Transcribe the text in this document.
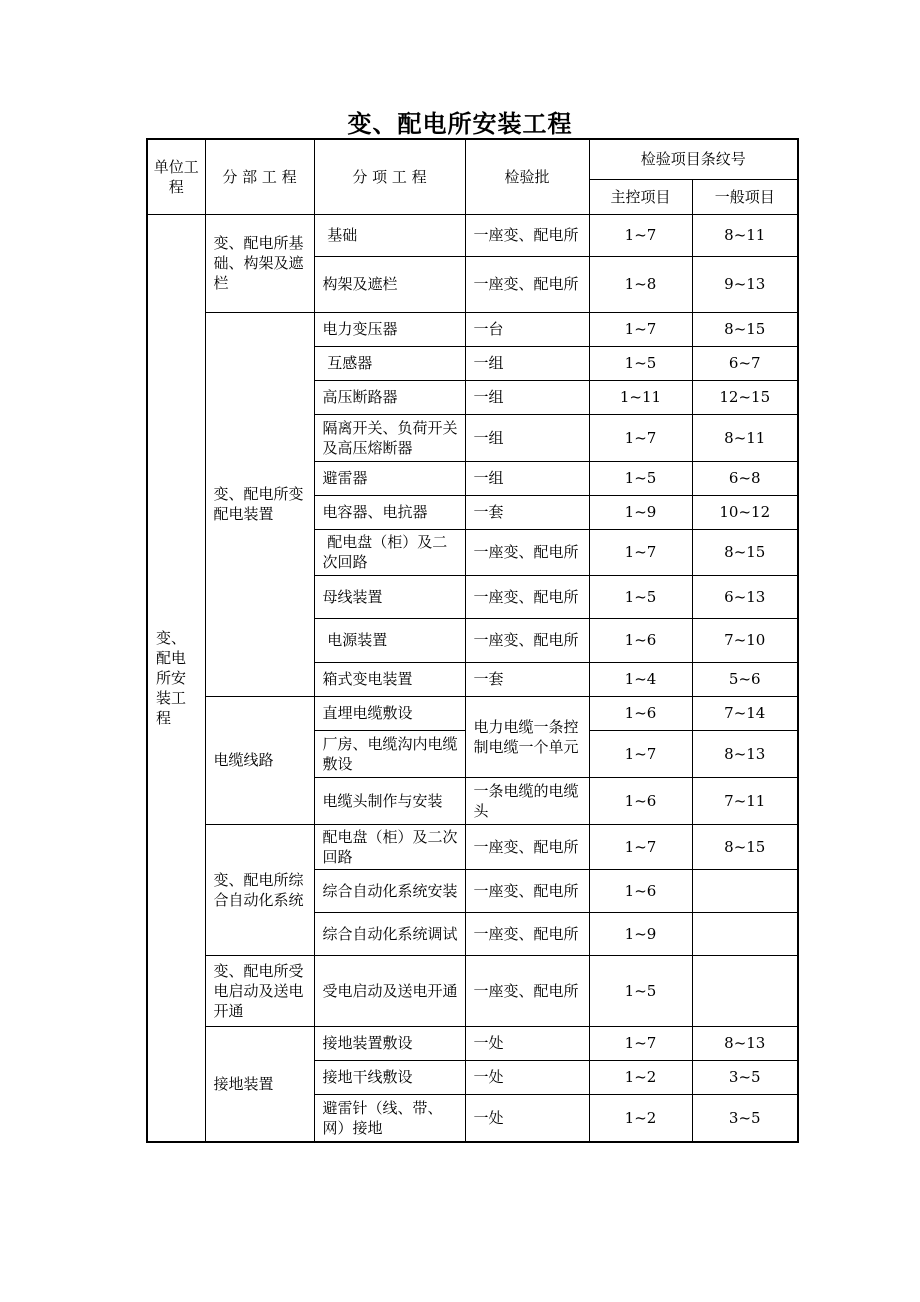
变、配电所安装工程
单位工程	分 部 工 程	分 项 工 程	检验批	检验项目条纹号	
				主控项目	一般项目
变、配电所安装工程	变、配电所基础、构架及遮栏	基础	一座变、配电所	1~7	8~11
		构架及遮栏	一座变、配电所	1~8	9~13
	变、配电所变配电装置	电力变压器	一台	1~7	8~15
		互感器	一组	1~5	6~7
		高压断路器	一组	1~11	12~15
		隔离开关、负荷开关及高压熔断器	一组	1~7	8~11
		避雷器	一组	1~5	6~8
		电容器、电抗器	一套	1~9	10~12
		配电盘（柜）及二次回路	一座变、配电所	1~7	8~15
		母线装置	一座变、配电所	1~5	6~13
		电源装置	一座变、配电所	1~6	7~10
		箱式变电装置	一套	1~4	5~6
	电缆线路	直埋电缆敷设	电力电缆一条控制电缆一个单元	1~6	7~14
		厂房、电缆沟内电缆敷设		1~7	8~13
		电缆头制作与安装	一条电缆的电缆头	1~6	7~11
	变、配电所综合自动化系统	配电盘（柜）及二次回路	一座变、配电所	1~7	8~15
		综合自动化系统安装	一座变、配电所	1~6	
		综合自动化系统调试	一座变、配电所	1~9	
	变、配电所受电启动及送电开通	受电启动及送电开通	一座变、配电所	1~5	
	接地装置	接地装置敷设	一处	1~7	8~13
		接地干线敷设	一处	1~2	3~5
		避雷针（线、带、网）接地	一处	1~2	3~5
